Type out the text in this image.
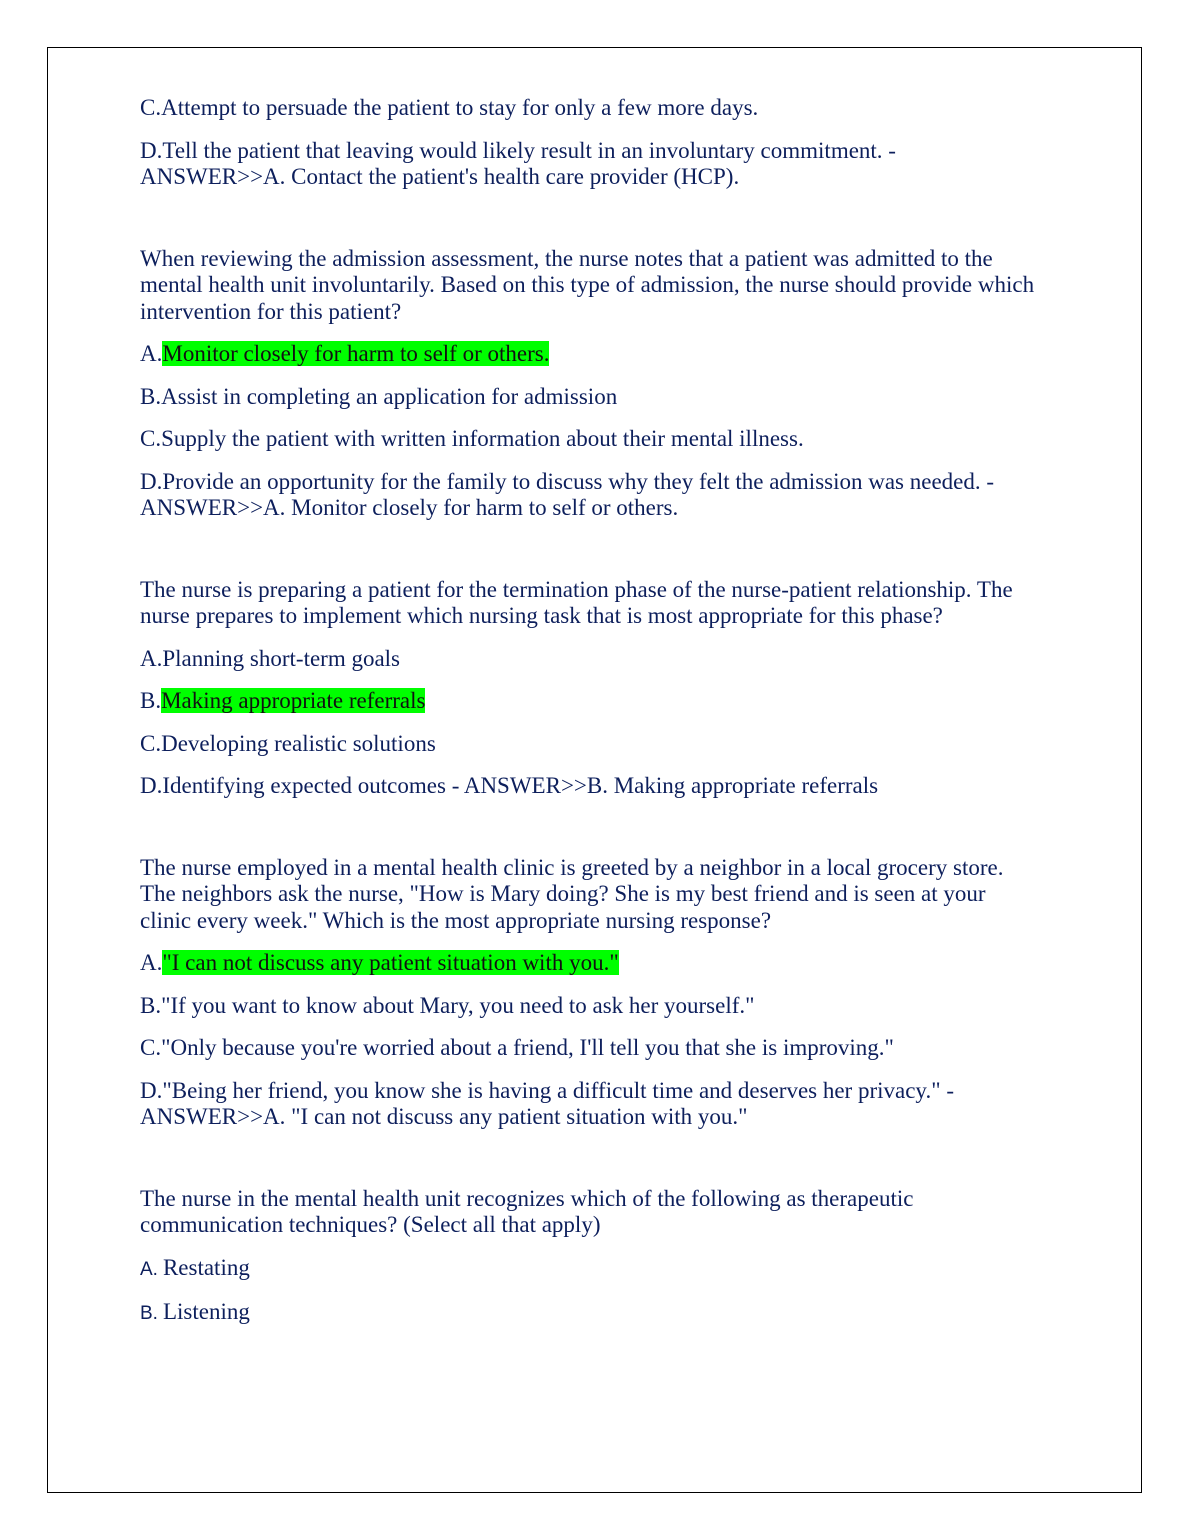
C.Attempt to persuade the patient to stay for only a few more days.
D.Tell the patient that leaving would likely result in an involuntary commitment. - ANSWER>>A. Contact the patient's health care provider (HCP).
When reviewing the admission assessment, the nurse notes that a patient was admitted to the mental health unit involuntarily. Based on this type of admission, the nurse should provide which intervention for this patient?
A.Monitor closely for harm to self or others.
B.Assist in completing an application for admission
C.Supply the patient with written information about their mental illness.
D.Provide an opportunity for the family to discuss why they felt the admission was needed. - ANSWER>>A. Monitor closely for harm to self or others.
The nurse is preparing a patient for the termination phase of the nurse-patient relationship. The nurse prepares to implement which nursing task that is most appropriate for this phase?
A.Planning short-term goals
B.Making appropriate referrals
C.Developing realistic solutions
D.Identifying expected outcomes - ANSWER>>B. Making appropriate referrals
The nurse employed in a mental health clinic is greeted by a neighbor in a local grocery store. The neighbors ask the nurse, "How is Mary doing? She is my best friend and is seen at your clinic every week." Which is the most appropriate nursing response?
A."I can not discuss any patient situation with you."
B."If you want to know about Mary, you need to ask her yourself."
C."Only because you're worried about a friend, I'll tell you that she is improving."
D."Being her friend, you know she is having a difficult time and deserves her privacy." - ANSWER>>A. "I can not discuss any patient situation with you."
The nurse in the mental health unit recognizes which of the following as therapeutic communication techniques? (Select all that apply)
A. Restating
B. Listening
